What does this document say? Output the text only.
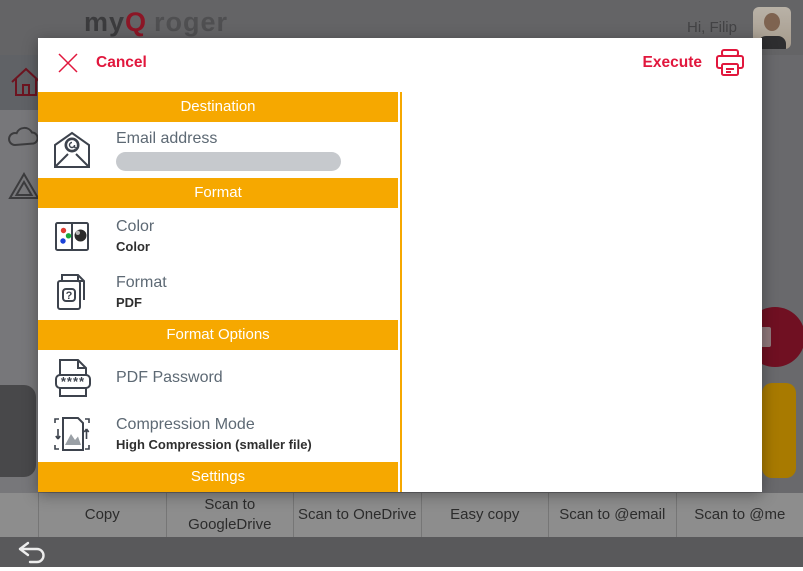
myQ roger	Hi, Filip
Copy
Scan to GoogleDrive
Scan to OneDrive	Easy copy	Scan to @email	Scan to @me
Cancel	Execute
Destination
Email address
Format
Color
Color
?
Format
PDF
Format Options
**** PDF Password
Compression Mode
High Compression (smaller file)
Settings
